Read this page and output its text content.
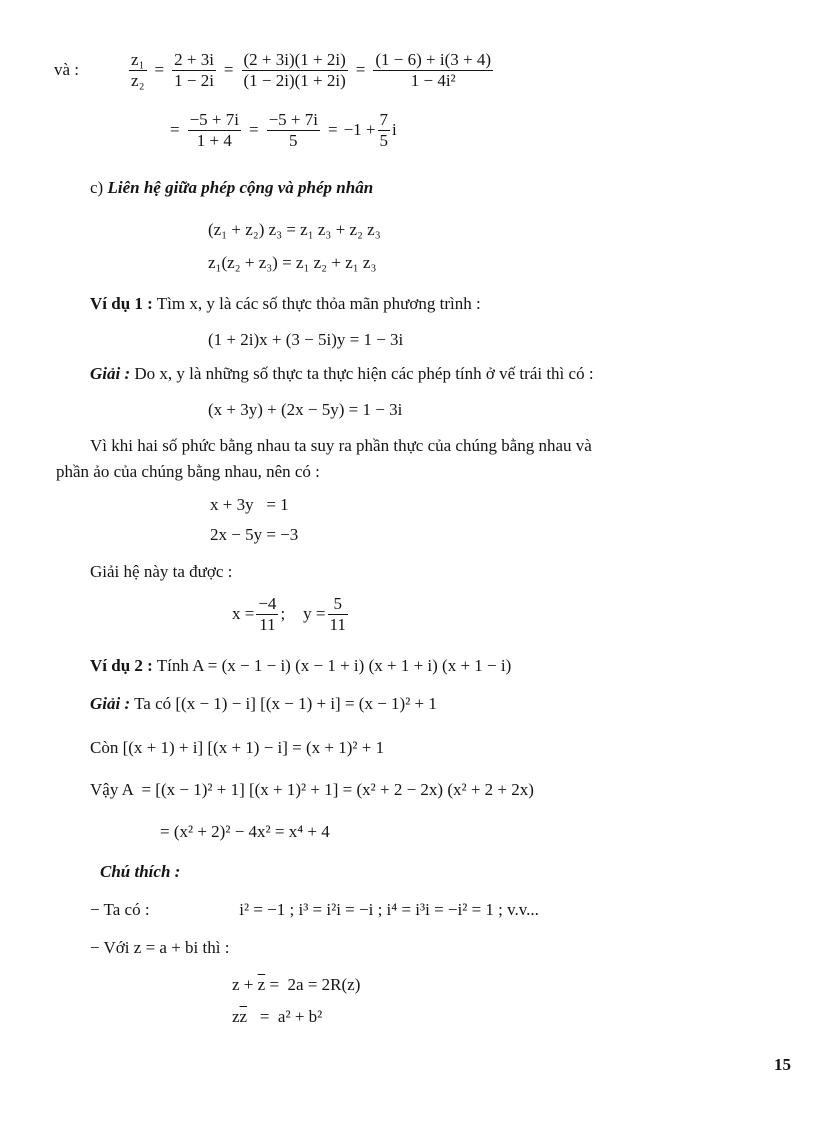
và :	$\frac{\text{z₁}}{\text{z₂}} = \frac{2 + 3i}{1 - 2i} = \frac{(2 + 3i)(1 + 2i)}{(1 - 2i)(1 + 2i)} = \frac{(1 - 6) + i(3 + 4)}{\text{1 − 4i²}}$
= $\frac{-5 + 7i}{1 + 4} = \frac{-5 + 7i}{5} = -1 + \frac{7}{5}$ i
c) Liên hệ giữa phép cộng và phép nhân
(z₁ + z₂) z₃ = z₁ z₃ + z₂ z₃
z₁(z₂ + z₃) = z₁ z₂ + z₁ z₃
Ví dụ 1 : Tìm x, y là các số thực thỏa mãn phương trình :
(1 + 2i)x + (3 − 5i)y = 1 − 3i
Giải : Do x, y là những số thực ta thực hiện các phép tính ở vế trái thì có :
(x + 3y) + (2x − 5y) = 1 − 3i
Vì khi hai số phức bằng nhau ta suy ra phần thực của chúng bằng nhau và
phần ảo của chúng bằng nhau, nên có :
x + 3y   = 1
2x − 5y = −3
Giải hệ này ta được :
$x = \frac{-4}{11}$ ; $y = \frac{5}{11}$
Ví dụ 2 : Tính A = (x − 1 − i) (x − 1 + i) (x + 1 + i) (x + 1 − i)
Giải : Ta có [(x − 1) − i] [(x − 1) + i] = (x − 1)² + 1
Còn [(x + 1) + i] [(x + 1) − i] = (x + 1)² + 1
Vậy A  = [(x − 1)² + 1] [(x + 1)² + 1] = (x² + 2 − 2x) (x² + 2 + 2x)
= (x² + 2)² − 4x² = x⁴ + 4
Chú thích :
− Ta có :	i² = −1 ; i³ = i²i = −i ; i⁴ = i³i = −i² = 1 ; v.v...
− Với z = a + bi thì :
$z + \overline{z} = 2a = 2R(z)$
$z\overline{z} = a^2 + b^2$
15
